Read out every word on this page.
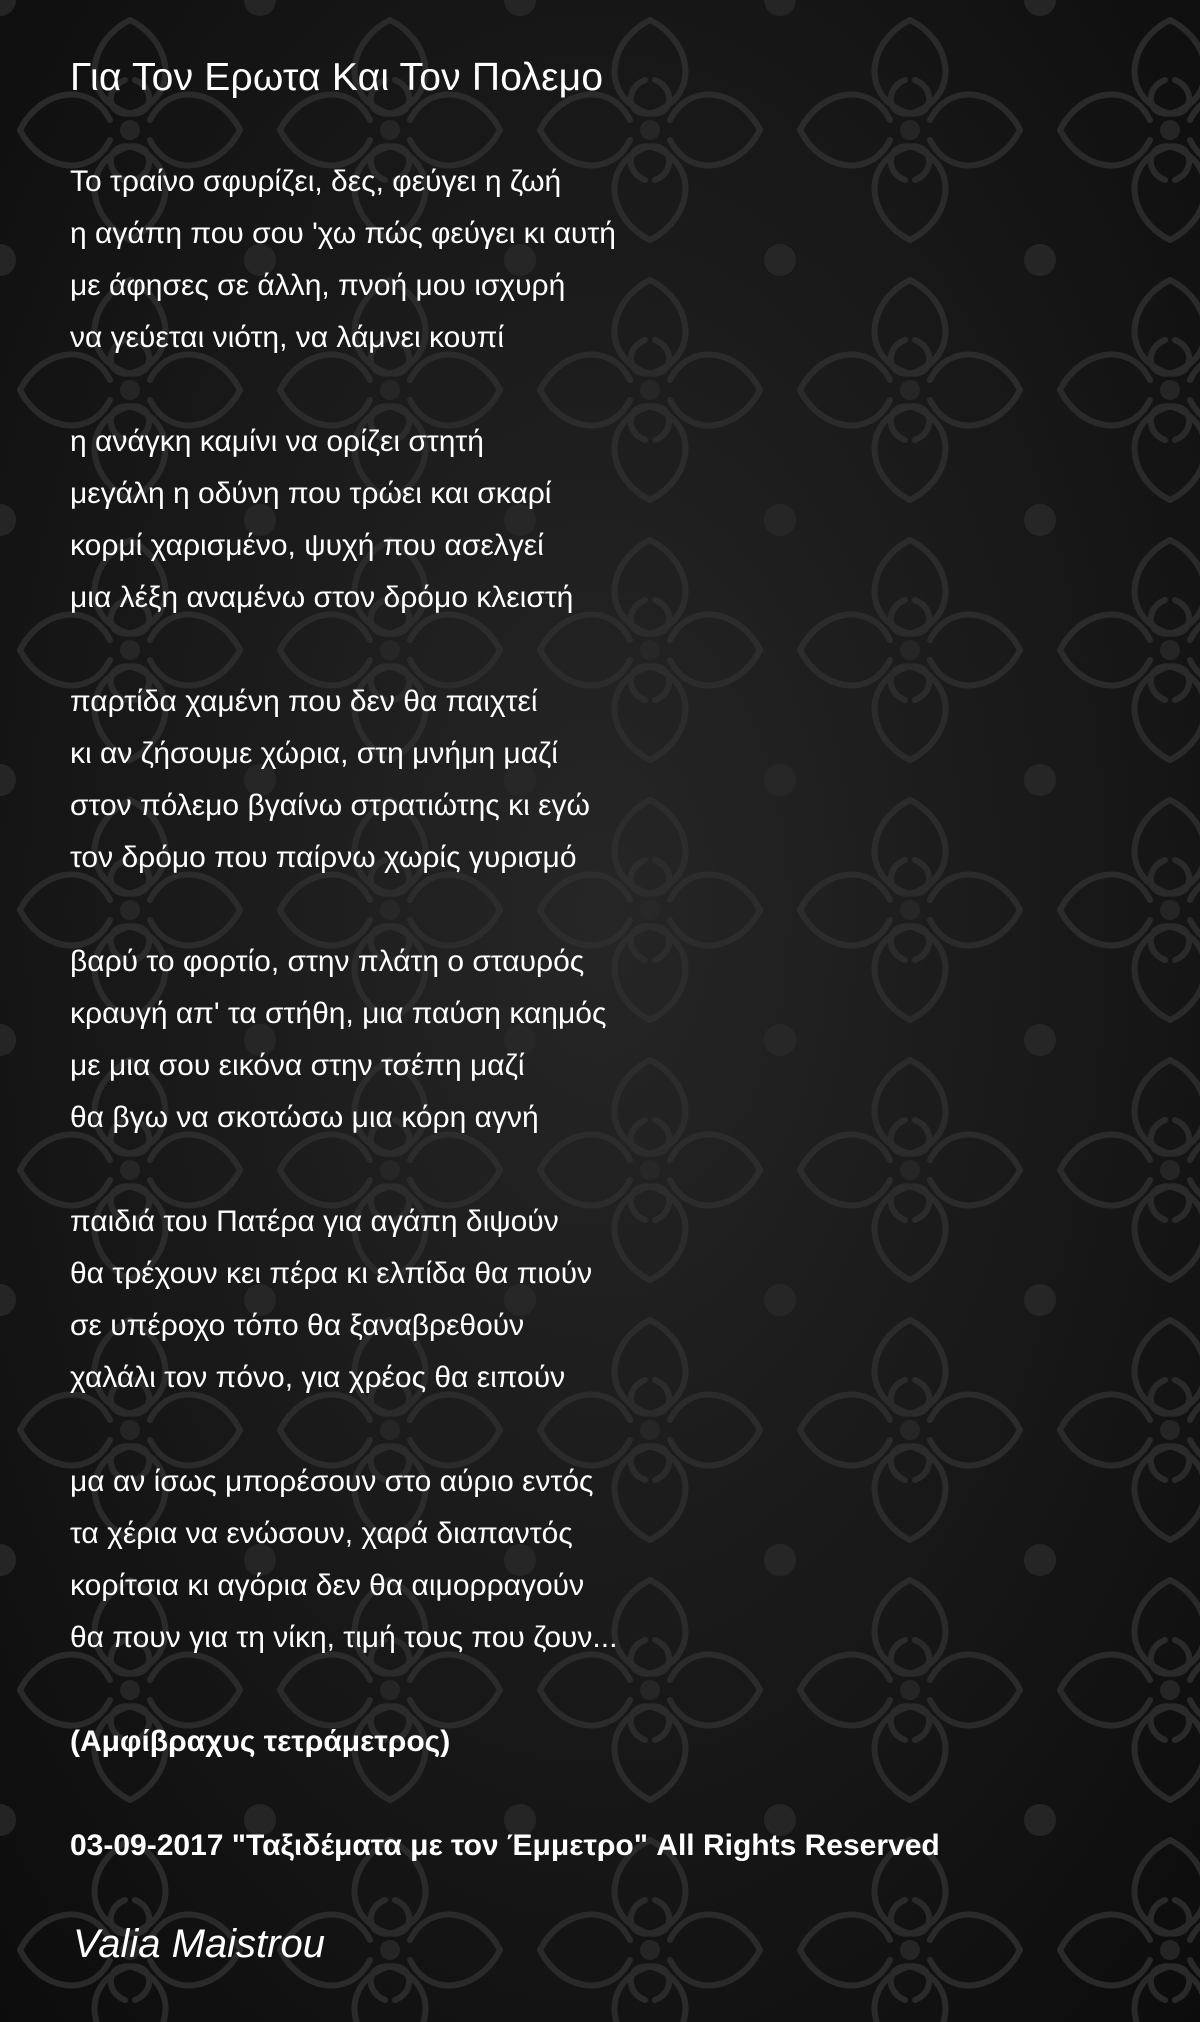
Για Τον Ερωτα Και Τον Πολεμο
Το τραίνο σφυρίζει, δες, φεύγει η ζωή
η αγάπη που σου 'χω πώς φεύγει κι αυτή
με άφησες σε άλλη, πνοή μου ισχυρή
να γεύεται νιότη, να λάμνει κουπί
η ανάγκη καμίνι να ορίζει στητή
μεγάλη η οδύνη που τρώει και σκαρί
κορμί χαρισμένο, ψυχή που ασελγεί
μια λέξη αναμένω στον δρόμο κλειστή
παρτίδα χαμένη που δεν θα παιχτεί
κι αν ζήσουμε χώρια, στη μνήμη μαζί
στον πόλεμο βγαίνω στρατιώτης κι εγώ
τον δρόμο που παίρνω χωρίς γυρισμό
βαρύ το φορτίο, στην πλάτη ο σταυρός
κραυγή απ' τα στήθη, μια παύση καημός
με μια σου εικόνα στην τσέπη μαζί
θα βγω να σκοτώσω μια κόρη αγνή
παιδιά του Πατέρα για αγάπη διψούν
θα τρέχουν κει πέρα κι ελπίδα θα πιούν
σε υπέροχο τόπο θα ξαναβρεθούν
χαλάλι τον πόνο, για χρέος θα ειπούν
μα αν ίσως μπορέσουν στο αύριο εντός
τα χέρια να ενώσουν, χαρά διαπαντός
κορίτσια κι αγόρια δεν θα αιμορραγούν
θα πουν για τη νίκη, τιμή τους που ζουν...

(Αμφίβραχυς τετράμετρος)

03-09-2017 "Ταξιδέματα με τον Έμμετρο" All Rights Reserved

Valia Maistrou
